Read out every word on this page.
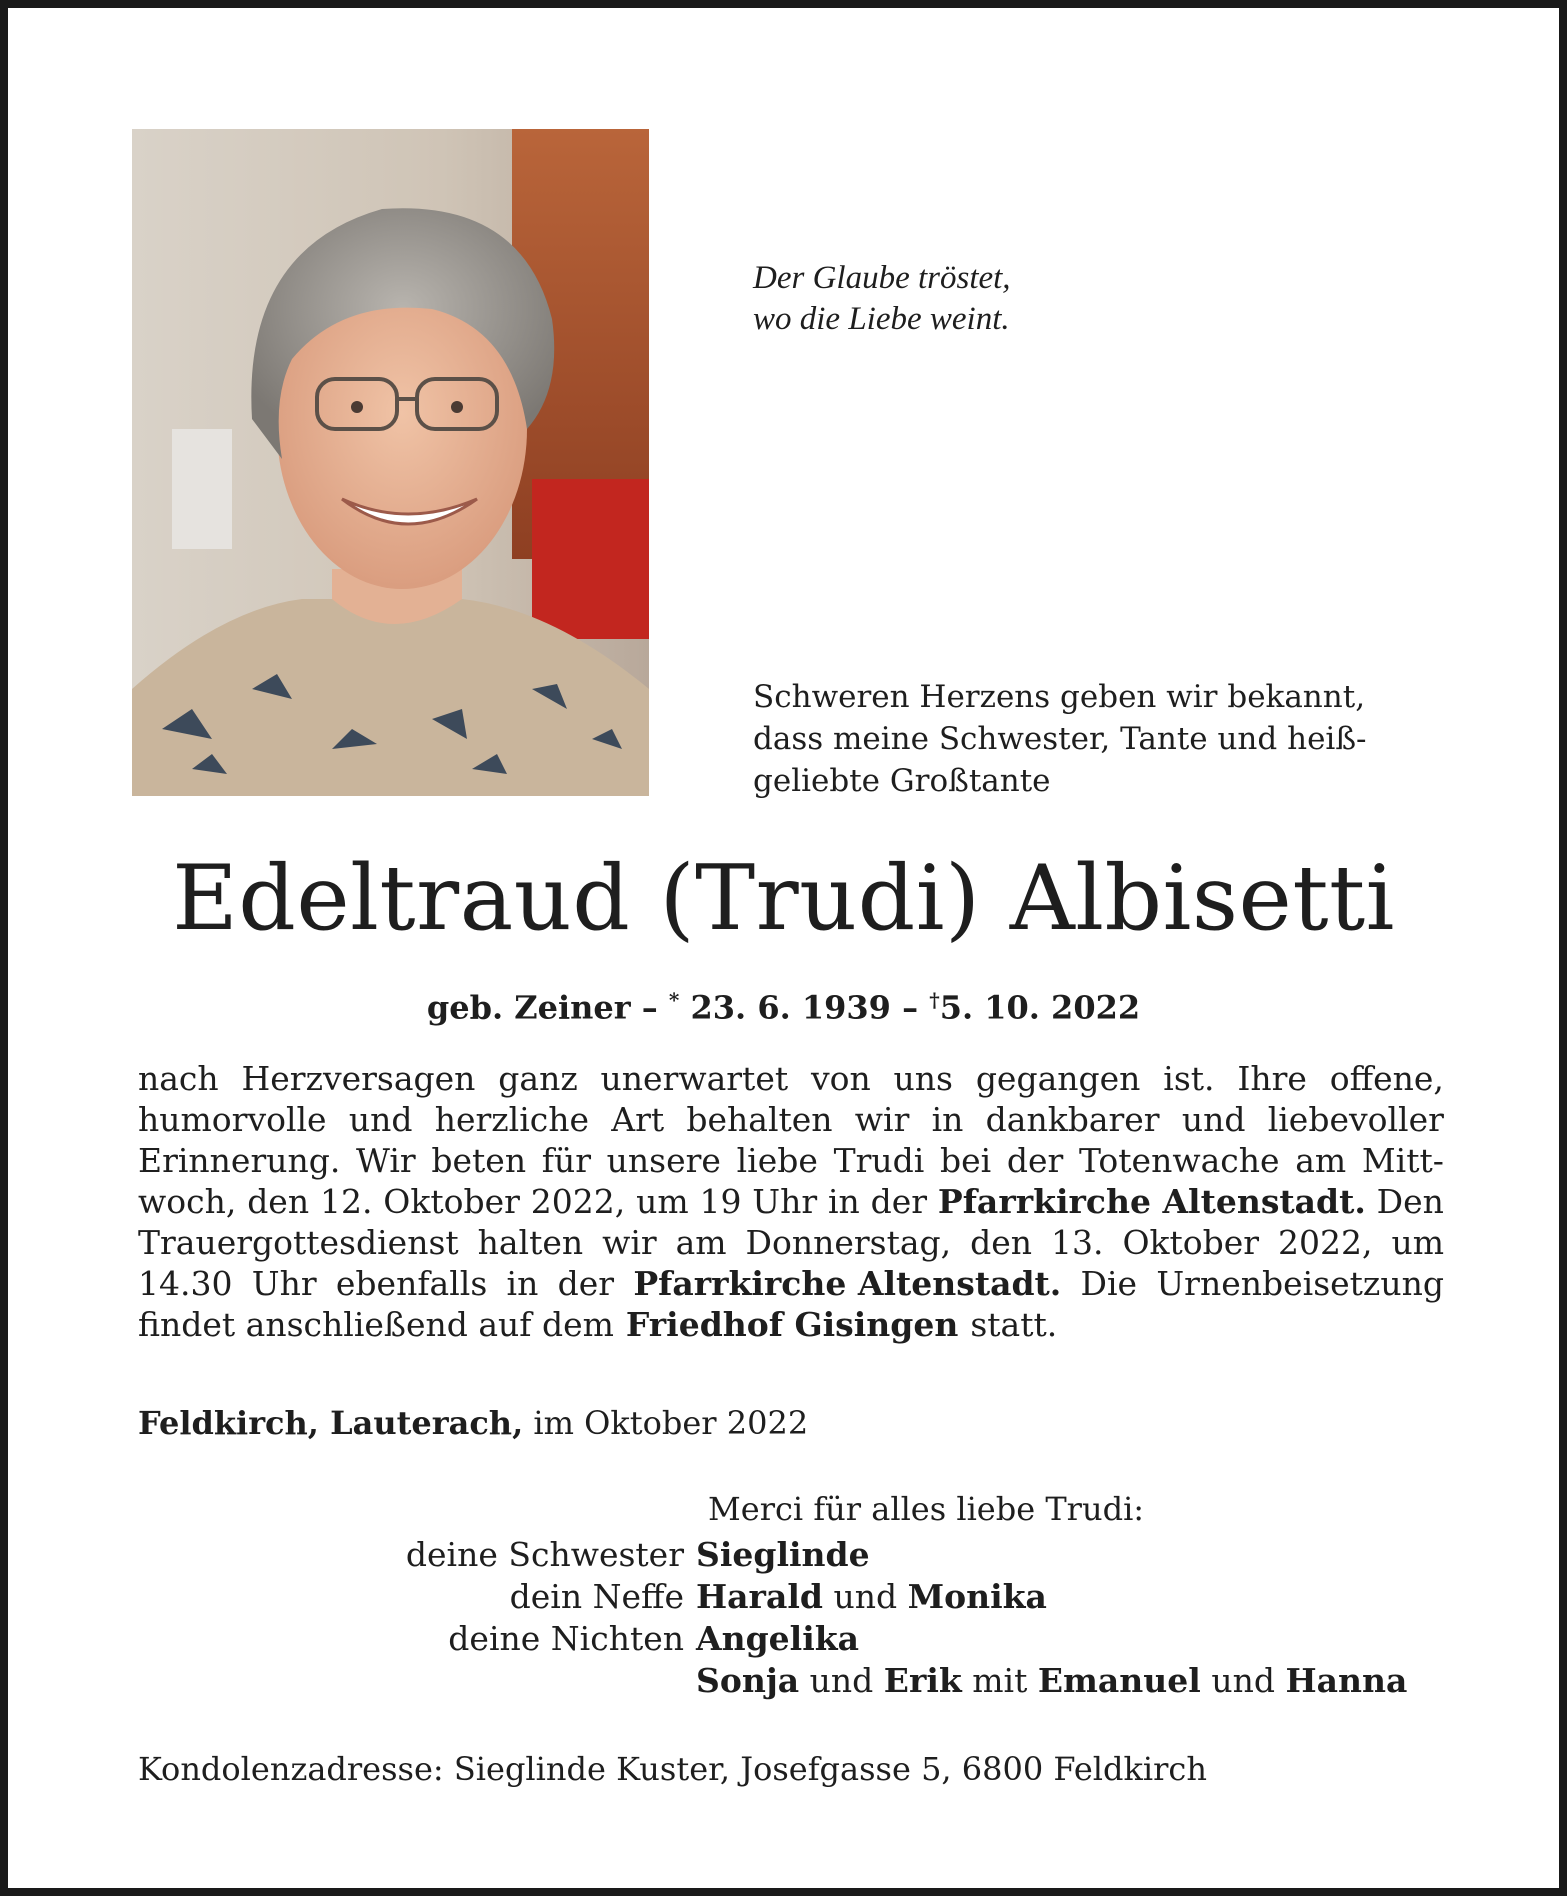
Der Glaube tröstet,
wo die Liebe weint.
Schweren Herzens geben wir bekannt,
dass meine Schwester, Tante und heiß-
geliebte Großtante
Edeltraud (Trudi) Albisetti
geb. Zeiner – * 23. 6. 1939 – †5. 10. 2022
nach Herzversagen ganz unerwartet von uns gegangen ist. Ihre offene,
humorvolle und herzliche Art behalten wir in dankbarer und liebevoller
Erinnerung. Wir beten für unsere liebe Trudi bei der Totenwache am Mitt-
woch, den 12. Oktober 2022, um 19 Uhr in der Pfarrkirche Altenstadt. Den
Trauergottesdienst halten wir am Donnerstag, den 13. Oktober 2022, um
14.30 Uhr ebenfalls in der Pfarrkirche Altenstadt. Die Urnenbeisetzung
findet anschließend auf dem Friedhof Gisingen statt.
Feldkirch, Lauterach, im Oktober 2022
Merci für alles liebe Trudi:
deine Schwester Sieglinde
dein Neffe Harald und Monika
deine Nichten Angelika
Sonja und Erik mit Emanuel und Hanna
Kondolenzadresse: Sieglinde Kuster, Josefgasse 5, 6800 Feldkirch
